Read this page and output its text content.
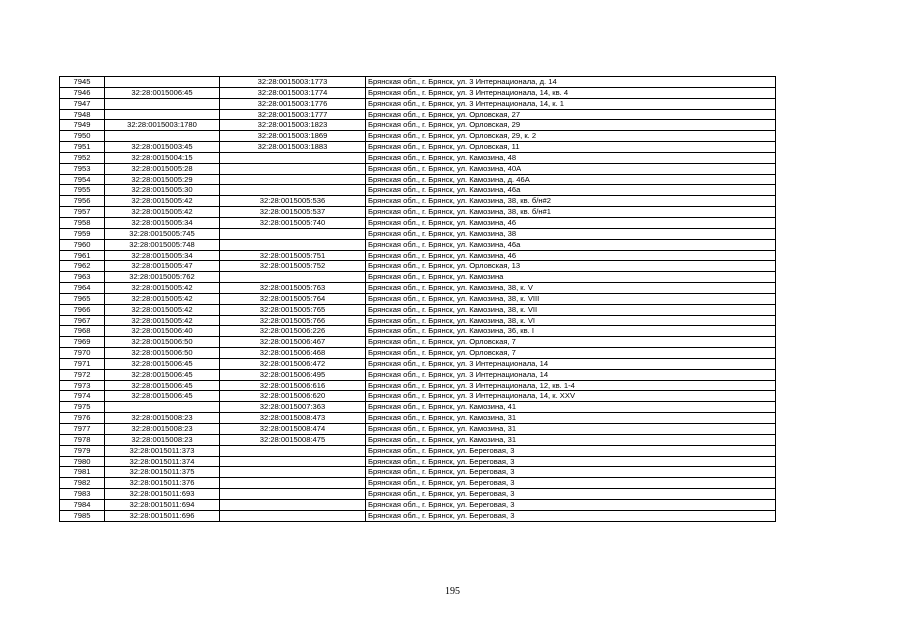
7945		32:28:0015003:1773	Брянская обл., г. Брянск, ул. 3 Интернационала, д. 14
7946	32:28:0015006:45	32:28:0015003:1774	Брянская обл., г. Брянск, ул. 3 Интернационала, 14, кв. 4
7947		32:28:0015003:1776	Брянская обл., г. Брянск, ул. 3 Интернационала, 14, к. 1
7948		32:28:0015003:1777	Брянская обл., г. Брянск, ул. Орловская, 27
7949	32:28:0015003:1780	32:28:0015003:1823	Брянская обл., г. Брянск, ул. Орловская, 29
7950		32:28:0015003:1869	Брянская обл., г. Брянск, ул. Орловская, 29, к. 2
7951	32:28:0015003:45	32:28:0015003:1883	Брянская обл., г. Брянск, ул. Орловская, 11
7952	32:28:0015004:15		Брянская обл., г. Брянск, ул. Камозина, 48
7953	32:28:0015005:28		Брянская обл., г. Брянск, ул. Камозина, 40А
7954	32:28:0015005:29		Брянская обл., г. Брянск, ул. Камозина, д. 46А
7955	32:28:0015005:30		Брянская обл., г. Брянск, ул. Камозина, 46а
7956	32:28:0015005:42	32:28:0015005:536	Брянская обл., г. Брянск, ул. Камозина, 38, кв. б/н#2
7957	32:28:0015005:42	32:28:0015005:537	Брянская обл., г. Брянск, ул. Камозина, 38, кв. б/н#1
7958	32:28:0015005:34	32:28:0015005:740	Брянская обл., г. Брянск, ул. Камозина, 46
7959	32:28:0015005:745		Брянская обл., г. Брянск, ул. Камозина, 38
7960	32:28:0015005:748		Брянская обл., г. Брянск, ул. Камозина, 46а
7961	32:28:0015005:34	32:28:0015005:751	Брянская обл., г. Брянск, ул. Камозина, 46
7962	32:28:0015005:47	32:28:0015005:752	Брянская обл., г. Брянск, ул. Орловская, 13
7963	32:28:0015005:762		Брянская обл., г. Брянск, ул. Камозина
7964	32:28:0015005:42	32:28:0015005:763	Брянская обл., г. Брянск, ул. Камозина, 38, к. V
7965	32:28:0015005:42	32:28:0015005:764	Брянская обл., г. Брянск, ул. Камозина, 38, к. VIII
7966	32:28:0015005:42	32:28:0015005:765	Брянская обл., г. Брянск, ул. Камозина, 38, к. VII
7967	32:28:0015005:42	32:28:0015005:766	Брянская обл., г. Брянск, ул. Камозина, 38, к. VI
7968	32:28:0015006:40	32:28:0015006:226	Брянская обл., г. Брянск, ул. Камозина, 36, кв. I
7969	32:28:0015006:50	32:28:0015006:467	Брянская обл., г. Брянск, ул. Орловская, 7
7970	32:28:0015006:50	32:28:0015006:468	Брянская обл., г. Брянск, ул. Орловская, 7
7971	32:28:0015006:45	32:28:0015006:472	Брянская обл., г. Брянск, ул. 3 Интернационала, 14
7972	32:28:0015006:45	32:28:0015006:495	Брянская обл., г. Брянск, ул. 3 Интернационала, 14
7973	32:28:0015006:45	32:28:0015006:616	Брянская обл., г. Брянск, ул. 3 Интернационала, 12, кв. 1-4
7974	32:28:0015006:45	32:28:0015006:620	Брянская обл., г. Брянск, ул. 3 Интернационала, 14, к. XXV
7975		32:28:0015007:363	Брянская обл., г. Брянск, ул. Камозина, 41
7976	32:28:0015008:23	32:28:0015008:473	Брянская обл., г. Брянск, ул. Камозина, 31
7977	32:28:0015008:23	32:28:0015008:474	Брянская обл., г. Брянск, ул. Камозина, 31
7978	32:28:0015008:23	32:28:0015008:475	Брянская обл., г. Брянск, ул. Камозина, 31
7979	32:28:0015011:373		Брянская обл., г. Брянск, ул. Береговая, 3
7980	32:28:0015011:374		Брянская обл., г. Брянск, ул. Береговая, 3
7981	32:28:0015011:375		Брянская обл., г. Брянск, ул. Береговая, 3
7982	32:28:0015011:376		Брянская обл., г. Брянск, ул. Береговая, 3
7983	32:28:0015011:693		Брянская обл., г. Брянск, ул. Береговая, 3
7984	32:28:0015011:694		Брянская обл., г. Брянск, ул. Береговая, 3
7985	32:28:0015011:696		Брянская обл., г. Брянск, ул. Береговая, 3
195
